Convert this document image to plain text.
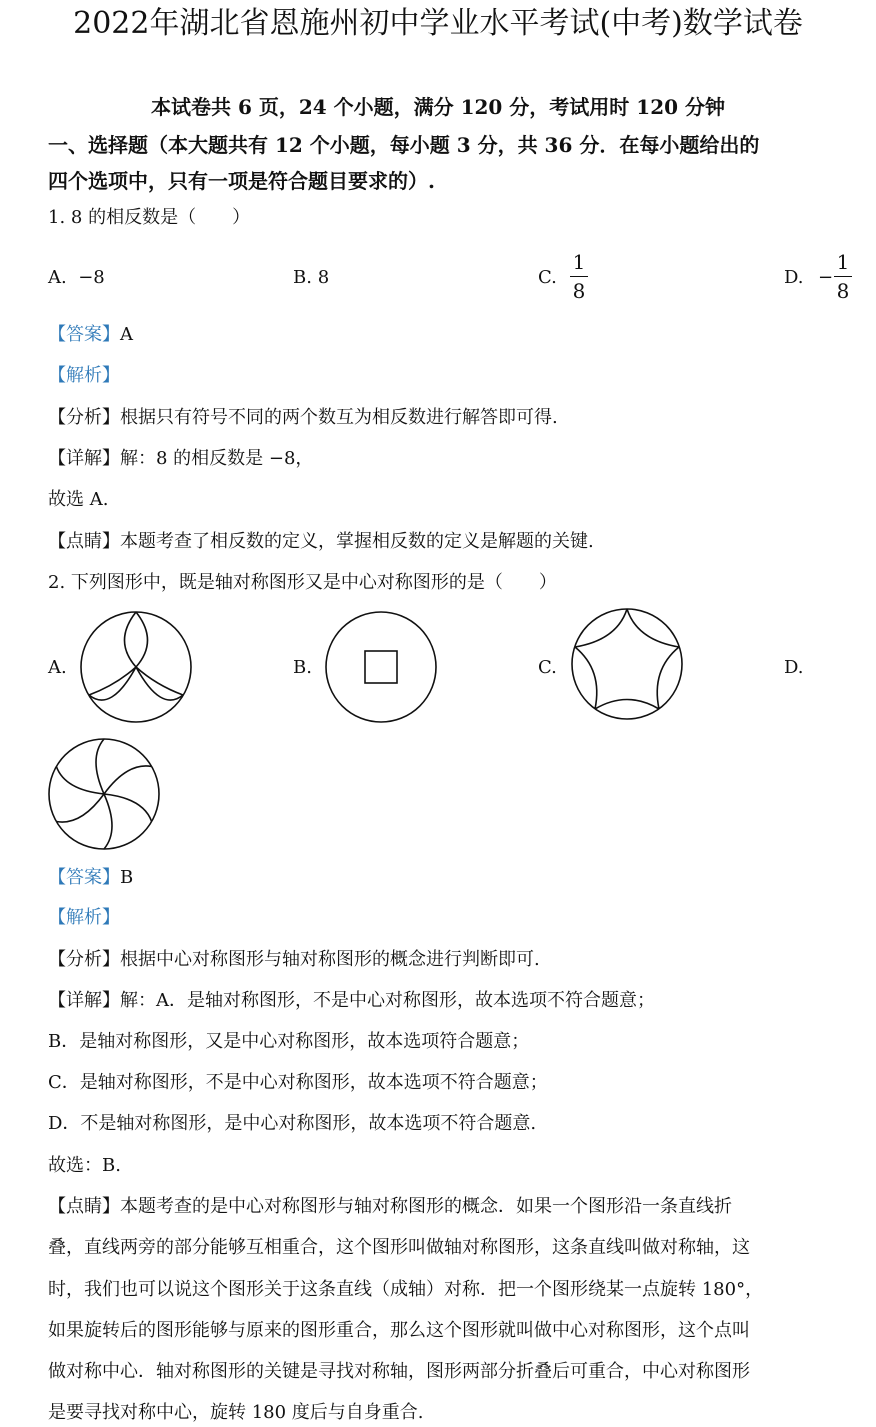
2022年湖北省恩施州初中学业水平考试(中考)数学试卷
本试卷共 6 页，24 个小题，满分 120 分，考试用时 120 分钟
一、选择题（本大题共有 12 个小题，每小题 3 分，共 36 分．在每小题给出的
四个选项中，只有一项是符合题目要求的）.
1. 8 的相反数是（　　）
A. −8	B. 8	C.
1
8
D. −
1
8
【答案】A
【解析】
【分析】根据只有符号不同的两个数互为相反数进行解答即可得.
【详解】解：8 的相反数是 −8，
故选 A.
【点睛】本题考查了相反数的定义，掌握相反数的定义是解题的关键.
2. 下列图形中，既是轴对称图形又是中心对称图形的是（　　）
A.	B.	C.	D.
【答案】B
【解析】
【分析】根据中心对称图形与轴对称图形的概念进行判断即可.
【详解】解：A．是轴对称图形，不是中心对称图形，故本选项不符合题意；
B．是轴对称图形，又是中心对称图形，故本选项符合题意；
C．是轴对称图形，不是中心对称图形，故本选项不符合题意；
D．不是轴对称图形，是中心对称图形，故本选项不符合题意.
故选：B.
【点睛】本题考查的是中心对称图形与轴对称图形的概念．如果一个图形沿一条直线折
叠，直线两旁的部分能够互相重合，这个图形叫做轴对称图形，这条直线叫做对称轴，这
时，我们也可以说这个图形关于这条直线（成轴）对称．把一个图形绕某一点旋转 180°，
如果旋转后的图形能够与原来的图形重合，那么这个图形就叫做中心对称图形，这个点叫
做对称中心．轴对称图形的关键是寻找对称轴，图形两部分折叠后可重合，中心对称图形
是要寻找对称中心，旋转 180 度后与自身重合.
